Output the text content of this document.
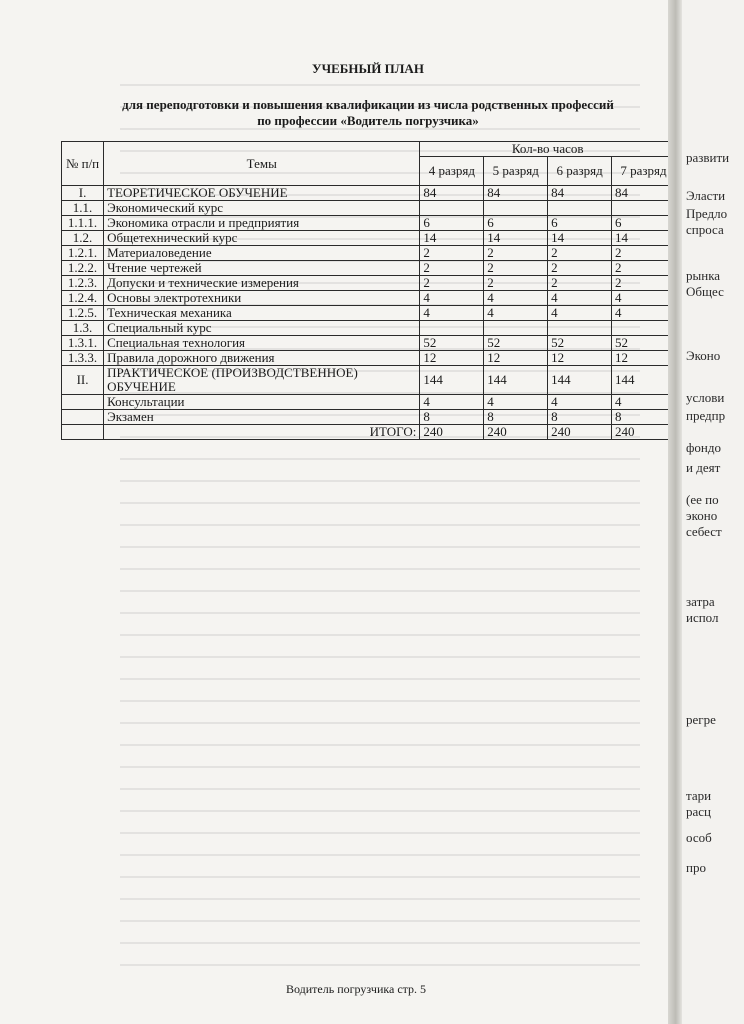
УЧЕБНЫЙ ПЛАН
для переподготовки и повышения квалификации из числа родственных профессий
по профессии «Водитель погрузчика»
№ п/п	Темы	Кол-во часов			
		4 разряд	5 разряд	6 разряд	7 разряд
I.	ТЕОРЕТИЧЕСКОЕ ОБУЧЕНИЕ	84	84	84	84
1.1.	Экономический курс				
1.1.1.	Экономика отрасли и предприятия	6	6	6	6
1.2.	Общетехнический курс	14	14	14	14
1.2.1.	Материаловедение	2	2	2	2
1.2.2.	Чтение чертежей	2	2	2	2
1.2.3.	Допуски и технические измерения	2	2	2	2
1.2.4.	Основы электротехники	4	4	4	4
1.2.5.	Техническая механика	4	4	4	4
1.3.	Специальный курс				
1.3.1.	Специальная технология	52	52	52	52
1.3.3.	Правила дорожного движения	12	12	12	12
II.	ПРАКТИЧЕСКОЕ (ПРОИЗВОДСТВЕННОЕ) ОБУЧЕНИЕ	144	144	144	144
	Консультации	4	4	4	4
	Экзамен	8	8	8	8
	ИТОГО:	240	240	240	240
Водитель погрузчика стр. 5
развити
Эласти
Предло
спроса
рынка
Общес
Эконо
услови
предпр
фондо
и деят
(ее по
эконо
себест
затра
испол
регре
тари
расц
особ
про
